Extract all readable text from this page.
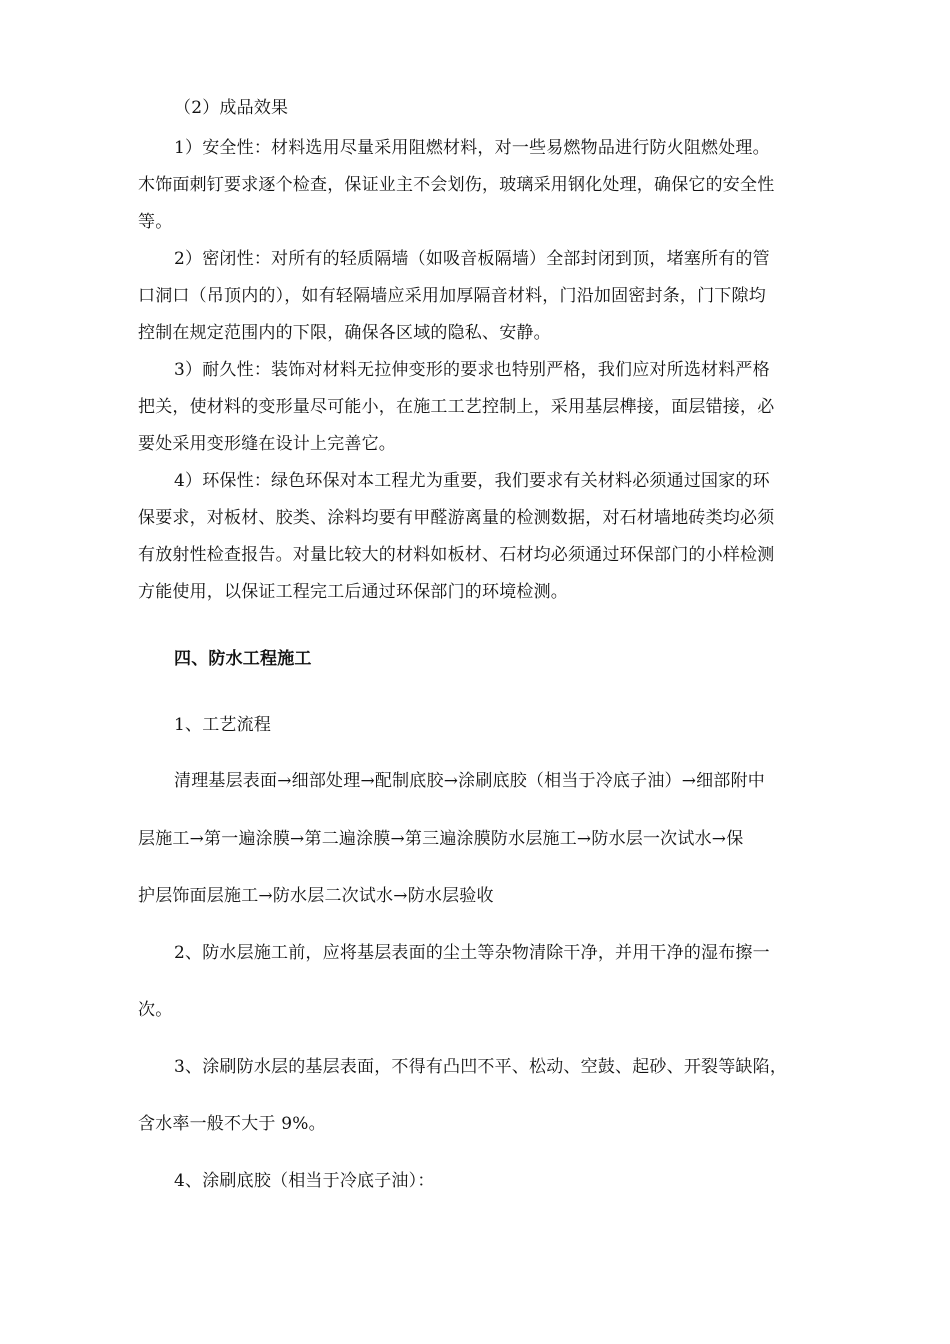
（2）成品效果
1）安全性：材料选用尽量采用阻燃材料，对一些易燃物品进行防火阻燃处理。
木饰面刺钉要求逐个检查，保证业主不会划伤，玻璃采用钢化处理，确保它的安全性
等。
2）密闭性：对所有的轻质隔墙（如吸音板隔墙）全部封闭到顶，堵塞所有的管
口洞口（吊顶内的），如有轻隔墙应采用加厚隔音材料，门沿加固密封条，门下隙均
控制在规定范围内的下限，确保各区域的隐私、安静。
3）耐久性：装饰对材料无拉伸变形的要求也特别严格，我们应对所选材料严格
把关，使材料的变形量尽可能小，在施工工艺控制上，采用基层榫接，面层错接，必
要处采用变形缝在设计上完善它。
4）环保性：绿色环保对本工程尤为重要，我们要求有关材料必须通过国家的环
保要求，对板材、胶类、涂料均要有甲醛游离量的检测数据，对石材墙地砖类均必须
有放射性检查报告。对量比较大的材料如板材、石材均必须通过环保部门的小样检测
方能使用，以保证工程完工后通过环保部门的环境检测。
四、防水工程施工
1、工艺流程
清理基层表面→细部处理→配制底胶→涂刷底胶（相当于冷底子油）→细部附中
层施工→第一遍涂膜→第二遍涂膜→第三遍涂膜防水层施工→防水层一次试水→保
护层饰面层施工→防水层二次试水→防水层验收
2、防水层施工前，应将基层表面的尘土等杂物清除干净，并用干净的湿布擦一
次。
3、涂刷防水层的基层表面，不得有凸凹不平、松动、空鼓、起砂、开裂等缺陷，
含水率一般不大于 9%。
4、涂刷底胶（相当于冷底子油）：
